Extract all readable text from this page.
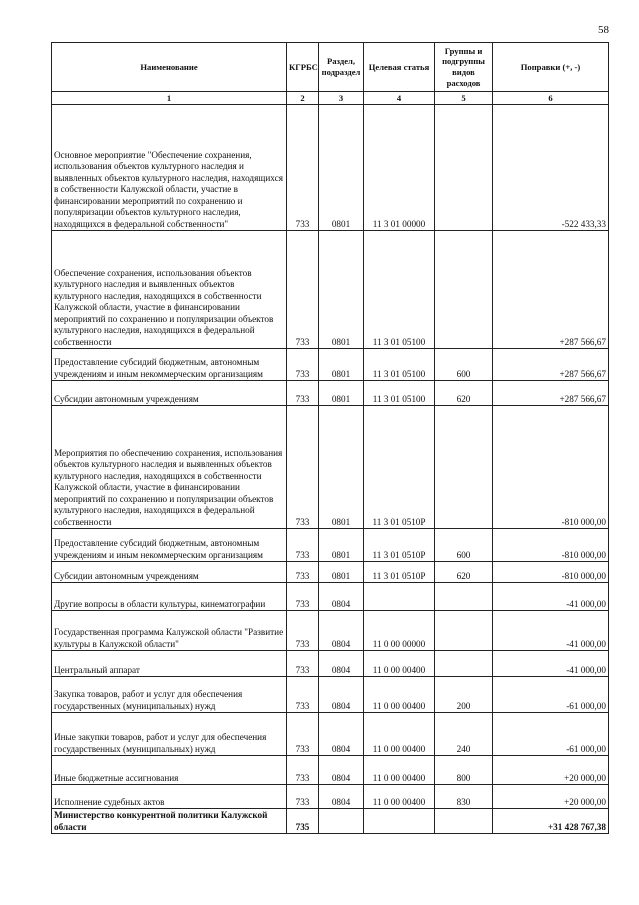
58
Наименование	КГРБС	Раздел, подраздел	Целевая статья	Группы и подгруппы видов расходов	Поправки (+, -)
1	2	3	4	5	6
Основное мероприятие "Обеспечение сохранения, использования объектов культурного наследия и выявленных объектов культурного наследия, находящихся в собственности Калужской области, участие в финансировании мероприятий по сохранению и популяризации объектов культурного наследия, находящихся в федеральной собственности"	733	0801	11 3 01 00000		-522 433,33
Обеспечение сохранения, использования объектов культурного наследия и выявленных объектов культурного наследия, находящихся в собственности Калужской области, участие в финансировании мероприятий по сохранению и популяризации объектов культурного наследия, находящихся в федеральной собственности	733	0801	11 3 01 05100		+287 566,67
Предоставление субсидий бюджетным, автономным учреждениям и иным некоммерческим организациям	733	0801	11 3 01 05100	600	+287 566,67
Субсидии автономным учреждениям	733	0801	11 3 01 05100	620	+287 566,67
Мероприятия по обеспечению сохранения, использования объектов культурного наследия и выявленных объектов культурного наследия, находящихся в собственности Калужской области, участие в финансировании мероприятий по сохранению и популяризации объектов культурного наследия, находящихся в федеральной собственности	733	0801	11 3 01 0510Р		-810 000,00
Предоставление субсидий бюджетным, автономным учреждениям и иным некоммерческим организациям	733	0801	11 3 01 0510Р	600	-810 000,00
Субсидии автономным учреждениям	733	0801	11 3 01 0510Р	620	-810 000,00
Другие вопросы в области культуры, кинематографии	733	0804			-41 000,00
Государственная программа Калужской области "Развитие культуры в Калужской области"	733	0804	11 0 00 00000		-41 000,00
Центральный аппарат	733	0804	11 0 00 00400		-41 000,00
Закупка товаров, работ и услуг для обеспечения государственных (муниципальных) нужд	733	0804	11 0 00 00400	200	-61 000,00
Иные закупки товаров, работ и услуг для обеспечения государственных (муниципальных) нужд	733	0804	11 0 00 00400	240	-61 000,00
Иные бюджетные ассигнования	733	0804	11 0 00 00400	800	+20 000,00
Исполнение судебных актов	733	0804	11 0 00 00400	830	+20 000,00
Министерство конкурентной политики Калужской области	735				+31 428 767,38
